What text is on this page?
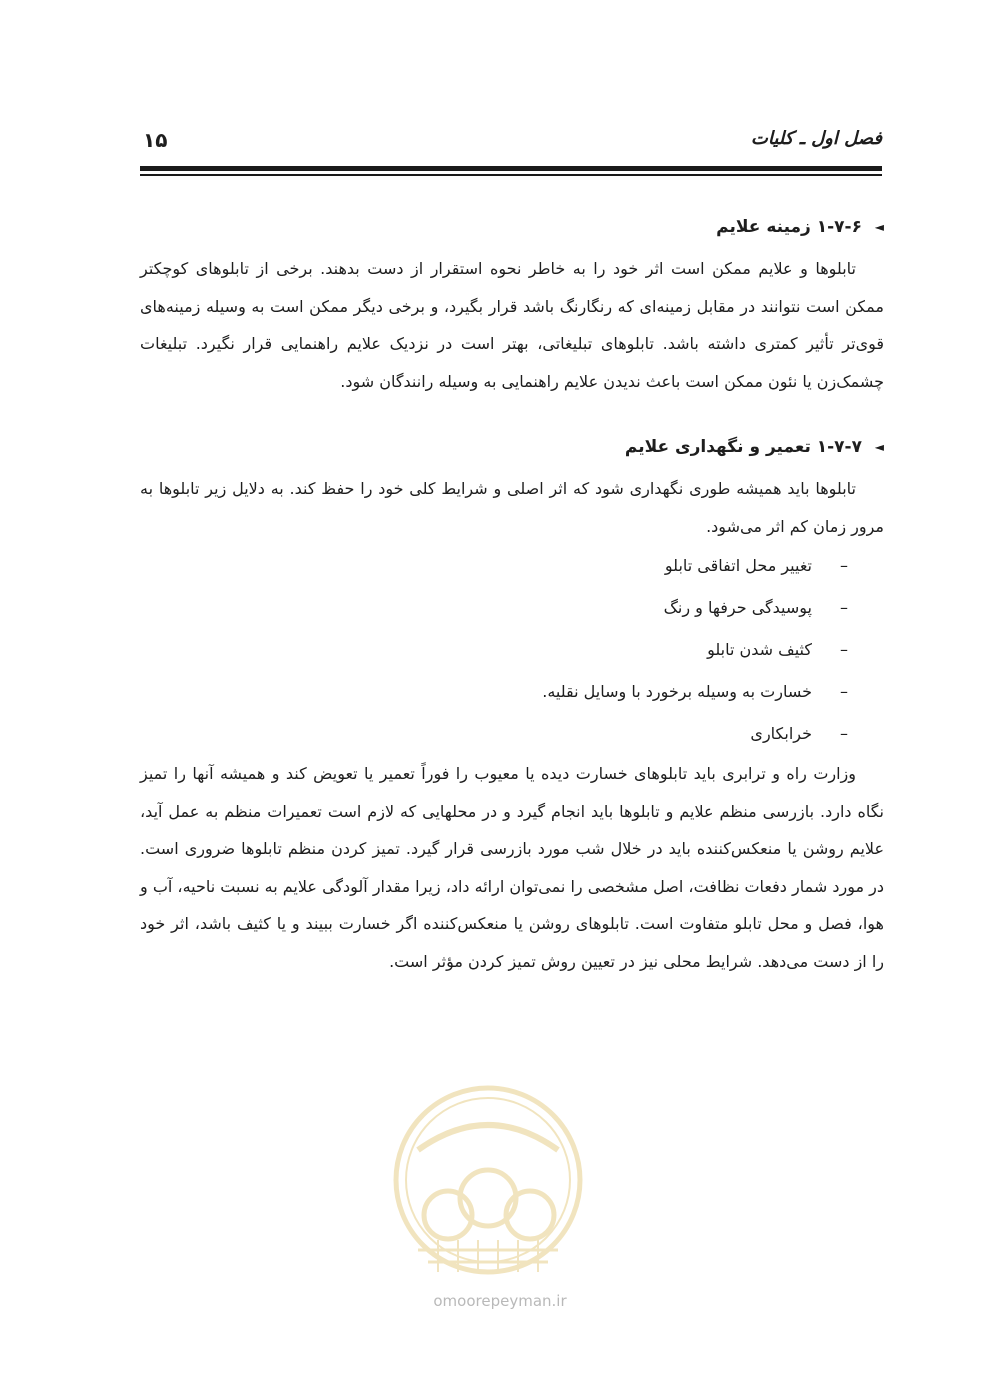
۱۵	فصل اول ـ کلیات
◄
۱-۷-۶ زمینه علایم

تابلوها و علایم ممکن است اثر خود را به خاطر نحوه استقرار از دست بدهند. برخی از تابلوهای کوچکتر ممکن است نتوانند در مقابل زمینه‌ای که رنگارنگ باشد قرار بگیرد، و برخی دیگر ممکن است به وسیله زمینه‌های قوی‌تر تأثیر کمتری داشته باشد. تابلوهای تبلیغاتی، بهتر است در نزدیک علایم راهنمایی قرار نگیرد. تبلیغات چشمک‌زن یا نئون ممکن است باعث ندیدن علایم راهنمایی به وسیله رانندگان شود.

◄
۱-۷-۷ تعمیر و نگهداری علایم

تابلوها باید همیشه طوری نگهداری شود که اثر اصلی و شرایط کلی خود را حفظ کند. به دلایل زیر تابلوها به مرور زمان کم اثر می‌شود.

–
تغییر محل اتفاقی تابلو
–
پوسیدگی حرفها و رنگ
–
کثیف شدن تابلو
–
خسارت به وسیله برخورد با وسایل نقلیه.
–
خرابکاری

وزارت راه و ترابری باید تابلوهای خسارت دیده یا معیوب را فوراً تعمیر یا تعویض کند و همیشه آنها را تمیز نگاه دارد. بازرسی منظم علایم و تابلوها باید انجام گیرد و در محلهایی که لازم است تعمیرات منظم به عمل آید، علایم روشن یا منعکس‌کننده باید در خلال شب مورد بازرسی قرار گیرد. تمیز کردن منظم تابلوها ضروری است. در مورد شمار دفعات نظافت، اصل مشخصی را نمی‌توان ارائه داد، زیرا مقدار آلودگی علایم به نسبت ناحیه، آب و هوا، فصل و محل تابلو متفاوت است. تابلوهای روشن یا منعکس‌کننده اگر خسارت ببیند و یا کثیف باشد، اثر خود را از دست می‌دهد. شرایط محلی نیز در تعیین روش تمیز کردن مؤثر است.

omoorepeyman.ir
